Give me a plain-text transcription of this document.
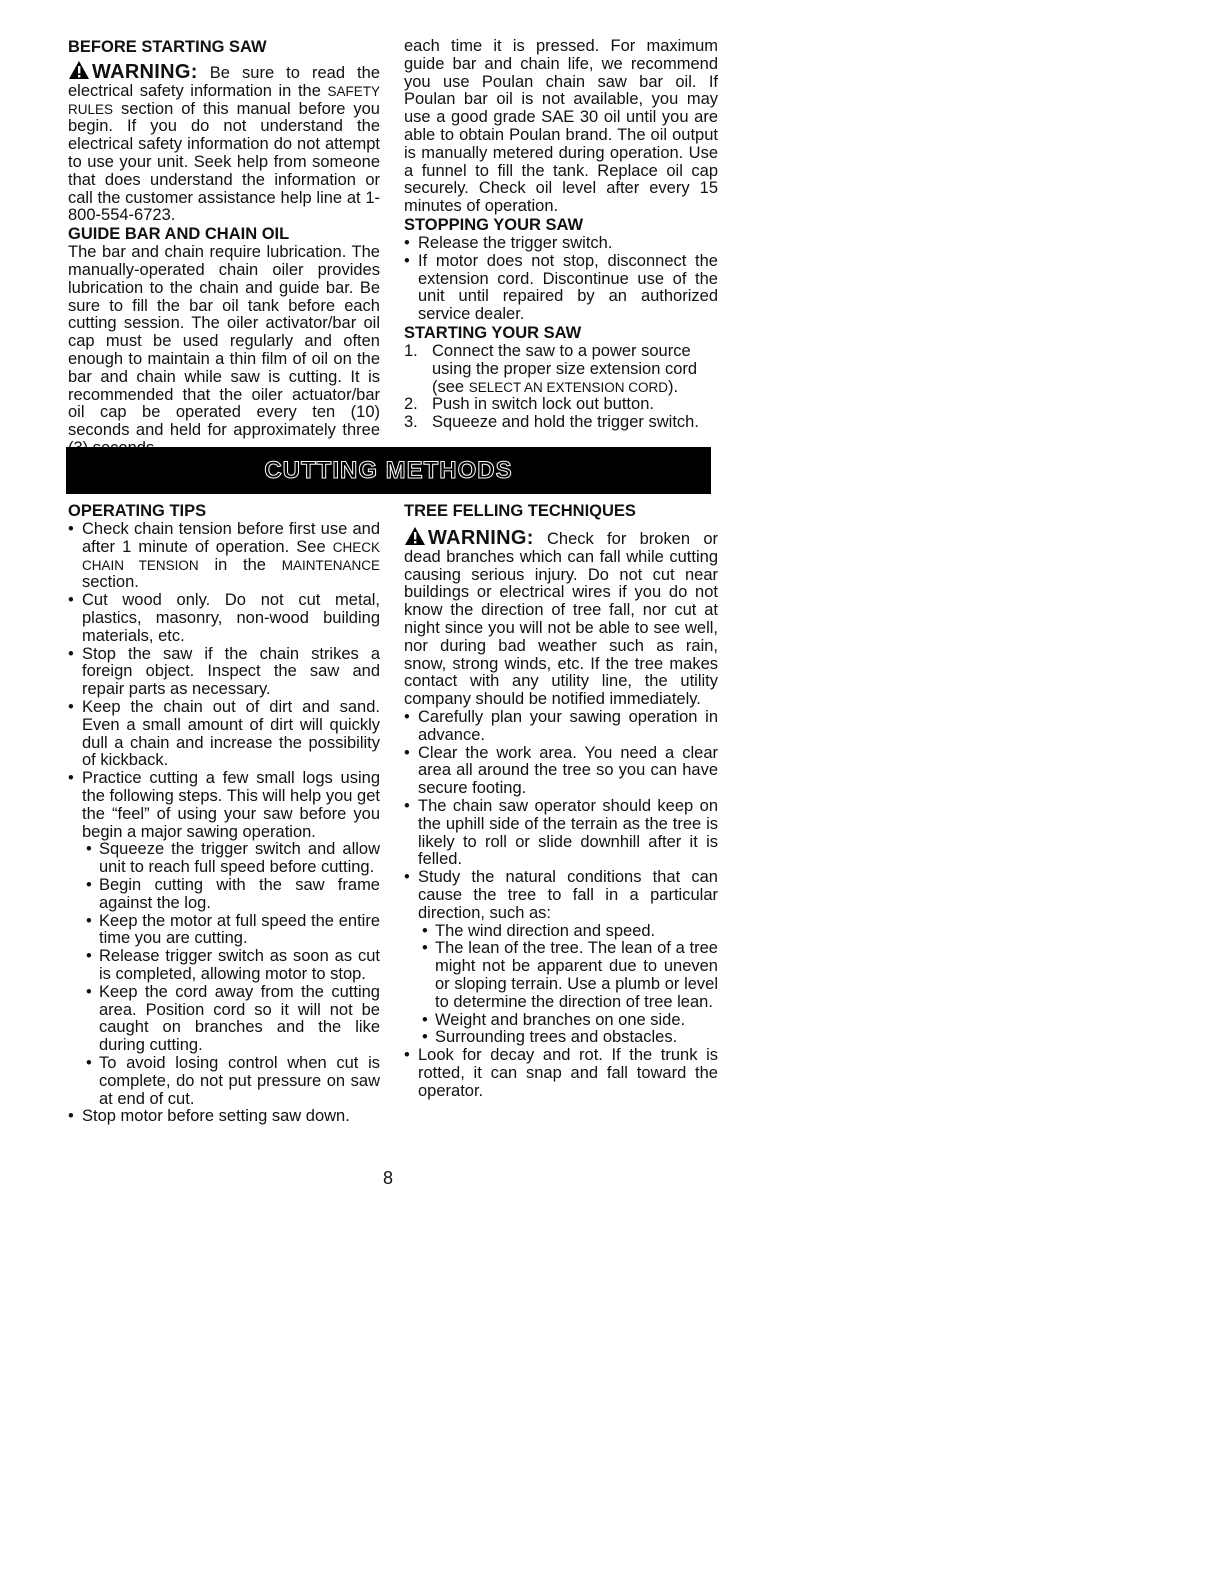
BEFORE STARTING SAW

WARNING: Be sure to read the electrical safety information in the SAFETY RULES section of this manual before you begin. If you do not understand the electrical safety information do not attempt to use your unit. Seek help from someone that does understand the information or call the customer assistance help line at 1-800-554-6723.

GUIDE BAR AND CHAIN OIL

The bar and chain require lubrication. The manually-operated chain oiler provides lubrication to the chain and guide bar. Be sure to fill the bar oil tank before each cutting session. The oiler activator/bar oil cap must be used regularly and often enough to maintain a thin film of oil on the bar and chain while saw is cutting. It is recommended that the oiler actuator/bar oil cap be operated every ten (10) seconds and held for approximately three

each time it is pressed. For maximum guide bar and chain life, we recommend you use Poulan chain saw bar oil. If Poulan bar oil is not available, you may use a good grade SAE 30 oil until you are able to obtain Poulan brand. The oil output is manually metered during operation. Use a funnel to fill the tank. Replace oil cap securely. Check oil level after every 15 minutes of operation.

STOPPING YOUR SAW

• Release the trigger switch.
• If motor does not stop, disconnect the extension cord. Discontinue use of the unit until repaired by an authorized service dealer.

STARTING YOUR SAW

1. Connect the saw to a power source using the proper size extension cord (see SELECT AN EXTENSION CORD).
2. Push in switch lock out button.
3. Squeeze and hold the trigger switch.
CUTTING METHODS

OPERATING TIPS

• Check chain tension before first use and after 1 minute of operation. See CHECK CHAIN TENSION in the MAINTENANCE section.
• Cut wood only. Do not cut metal, plastics, masonry, non-wood building materials, etc.
• Stop the saw if the chain strikes a foreign object. Inspect the saw and repair parts as necessary.
• Keep the chain out of dirt and sand. Even a small amount of dirt will quickly dull a chain and increase the possibility of kickback.
• Practice cutting a few small logs using the following steps. This will help you get the “feel” of using your saw before you begin a major sawing operation.
• Squeeze the trigger switch and allow unit to reach full speed before cutting.
• Begin cutting with the saw frame against the log.
• Keep the motor at full speed the entire time you are cutting.
• Release trigger switch as soon as cut is completed, allowing motor to stop.
• Keep the cord away from the cutting area. Position cord so it will not be caught on branches and the like during cutting.
• To avoid losing control when cut is complete, do not put pressure on saw at end of cut.
• Stop motor before setting saw down.

TREE FELLING TECHNIQUES

WARNING: Check for broken or dead branches which can fall while cutting causing serious injury. Do not cut near buildings or electrical wires if you do not know the direction of tree fall, nor cut at night since you will not be able to see well, nor during bad weather such as rain, snow, strong winds, etc. If the tree makes contact with any utility line, the utility company should be notified immediately.

• Carefully plan your sawing operation in advance.
• Clear the work area. You need a clear area all around the tree so you can have secure footing.
• The chain saw operator should keep on the uphill side of the terrain as the tree is likely to roll or slide downhill after it is felled.
• Study the natural conditions that can cause the tree to fall in a particular direction, such as:
• The wind direction and speed.
• The lean of the tree. The lean of a tree might not be apparent due to uneven or sloping terrain. Use a plumb or level to determine the direction of tree lean.
• Weight and branches on one side.
• Surrounding trees and obstacles.
• Look for decay and rot. If the trunk is rotted, it can snap and fall toward the operator.
8
